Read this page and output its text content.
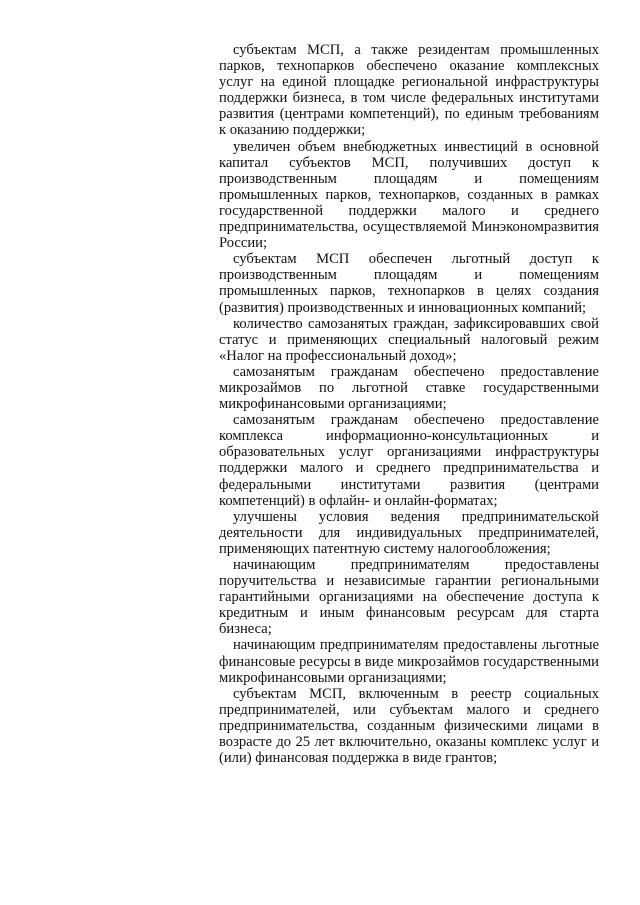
субъектам МСП, а также резидентам промышленных парков, технопарков обеспечено оказание комплексных услуг на единой площадке региональной инфраструктуры поддержки бизнеса, в том числе федеральных институтами развития (центрами компетенций), по единым требованиям к оказанию поддержки;

увеличен объем внебюджетных инвестиций в основной капитал субъектов МСП, получивших доступ к производственным площадям и помещениям промышленных парков, технопарков, созданных в рамках государственной поддержки малого и среднего предпринимательства, осуществляемой Минэкономразвития России;

субъектам МСП обеспечен льготный доступ к производственным площадям и помещениям промышленных парков, технопарков в целях создания (развития) производственных и инновационных компаний;

количество самозанятых граждан, зафиксировавших свой статус и применяющих специальный налоговый режим «Налог на профессиональный доход»;

самозанятым гражданам обеспечено предоставление микрозаймов по льготной ставке государственными микрофинансовыми организациями;

самозанятым гражданам обеспечено предоставление комплекса информационно-консультационных и образовательных услуг организациями инфраструктуры поддержки малого и среднего предпринимательства и федеральными институтами развития (центрами компетенций) в офлайн- и онлайн-форматах;

улучшены условия ведения предпринимательской деятельности для индивидуальных предпринимателей, применяющих патентную систему налогообложения;

начинающим предпринимателям предоставлены поручительства и независимые гарантии региональными гарантийными организациями на обеспечение доступа к кредитным и иным финансовым ресурсам для старта бизнеса;

начинающим предпринимателям предоставлены льготные финансовые ресурсы в виде микрозаймов государственными микрофинансовыми организациями;

субъектам МСП, включенным в реестр социальных предпринимателей, или субъектам малого и среднего предпринимательства, созданным физическими лицами в возрасте до 25 лет включительно, оказаны комплекс услуг и (или) финансовая поддержка в виде грантов;
